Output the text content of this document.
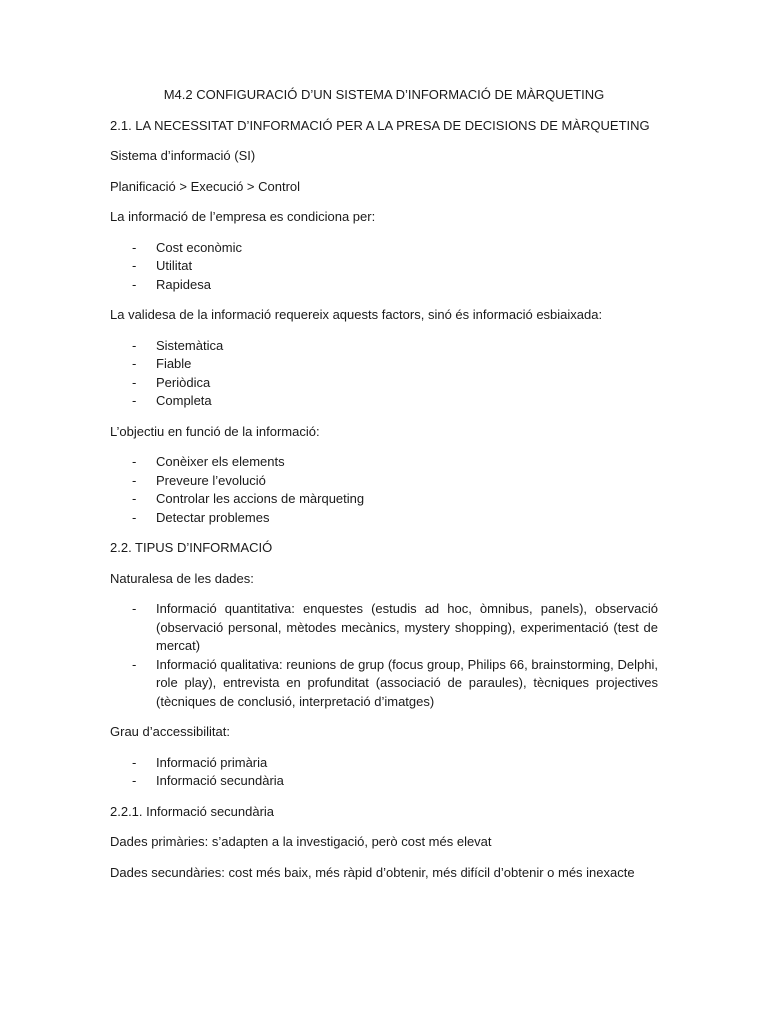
M4.2 CONFIGURACIÓ D’UN SISTEMA D’INFORMACIÓ DE MÀRQUETING

2.1. LA NECESSITAT D’INFORMACIÓ PER A LA PRESA DE DECISIONS DE MÀRQUETING

Sistema d’informació (SI)

Planificació > Execució > Control

La informació de l’empresa es condiciona per:

- Cost econòmic
- Utilitat
- Rapidesa

La validesa de la informació requereix aquests factors, sinó és informació esbiaixada:

- Sistemàtica
- Fiable
- Periòdica
- Completa

L’objectiu en funció de la informació:

- Conèixer els elements
- Preveure l’evolució
- Controlar les accions de màrqueting
- Detectar problemes

2.2. TIPUS D’INFORMACIÓ

Naturalesa de les dades:

- Informació quantitativa: enquestes (estudis ad hoc, òmnibus, panels), observació (observació personal, mètodes mecànics, mystery shopping), experimentació (test de mercat)
- Informació qualitativa: reunions de grup (focus group, Philips 66, brainstorming, Delphi, role play), entrevista en profunditat (associació de paraules), tècniques projectives (tècniques de conclusió, interpretació d’imatges)

Grau d’accessibilitat:

- Informació primària
- Informació secundària

2.2.1. Informació secundària

Dades primàries: s’adapten a la investigació, però cost més elevat

Dades secundàries: cost més baix, més ràpid d’obtenir, més difícil d’obtenir o més inexacte
